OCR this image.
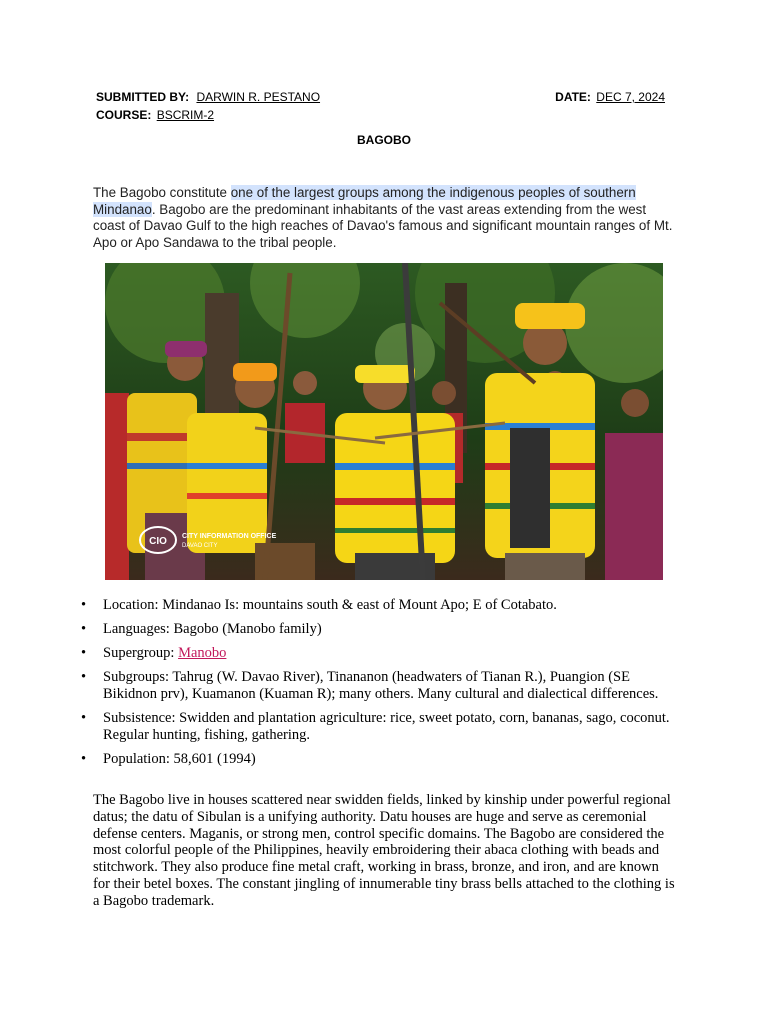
SUBMITTED BY: DARWIN R. PESTANO	DATE: DEC 7, 2024
COURSE: BSCRIM-2
BAGOBO

The Bagobo constitute one of the largest groups among the indigenous peoples of southern Mindanao. Bagobo are the predominant inhabitants of the vast areas extending from the west coast of Davao Gulf to the high reaches of Davao's famous and significant mountain ranges of Mt. Apo or Apo Sandawa to the tribal people.

CIO CITY INFORMATION OFFICE
DAVAO CITY
• Location: Mindanao Is: mountains south & east of Mount Apo; E of Cotabato.
• Languages: Bagobo (Manobo family)
• Supergroup: Manobo
• Subgroups: Tahrug (W. Davao River), Tinananon (headwaters of Tianan R.), Puangion (SE Bikidnon prv), Kuamanon (Kuaman R); many others. Many cultural and dialectical differences.
• Subsistence: Swidden and plantation agriculture: rice, sweet potato, corn, bananas, sago, coconut. Regular hunting, fishing, gathering.
• Population: 58,601 (1994)

The Bagobo live in houses scattered near swidden fields, linked by kinship under powerful regional datus; the datu of Sibulan is a unifying authority. Datu houses are huge and serve as ceremonial defense centers. Maganis, or strong men, control specific domains. The Bagobo are considered the most colorful people of the Philippines, heavily embroidering their abaca clothing with beads and stitchwork. They also produce fine metal craft, working in brass, bronze, and iron, and are known for their betel boxes. The constant jingling of innumerable tiny brass bells attached to the clothing is a Bagobo trademark.
